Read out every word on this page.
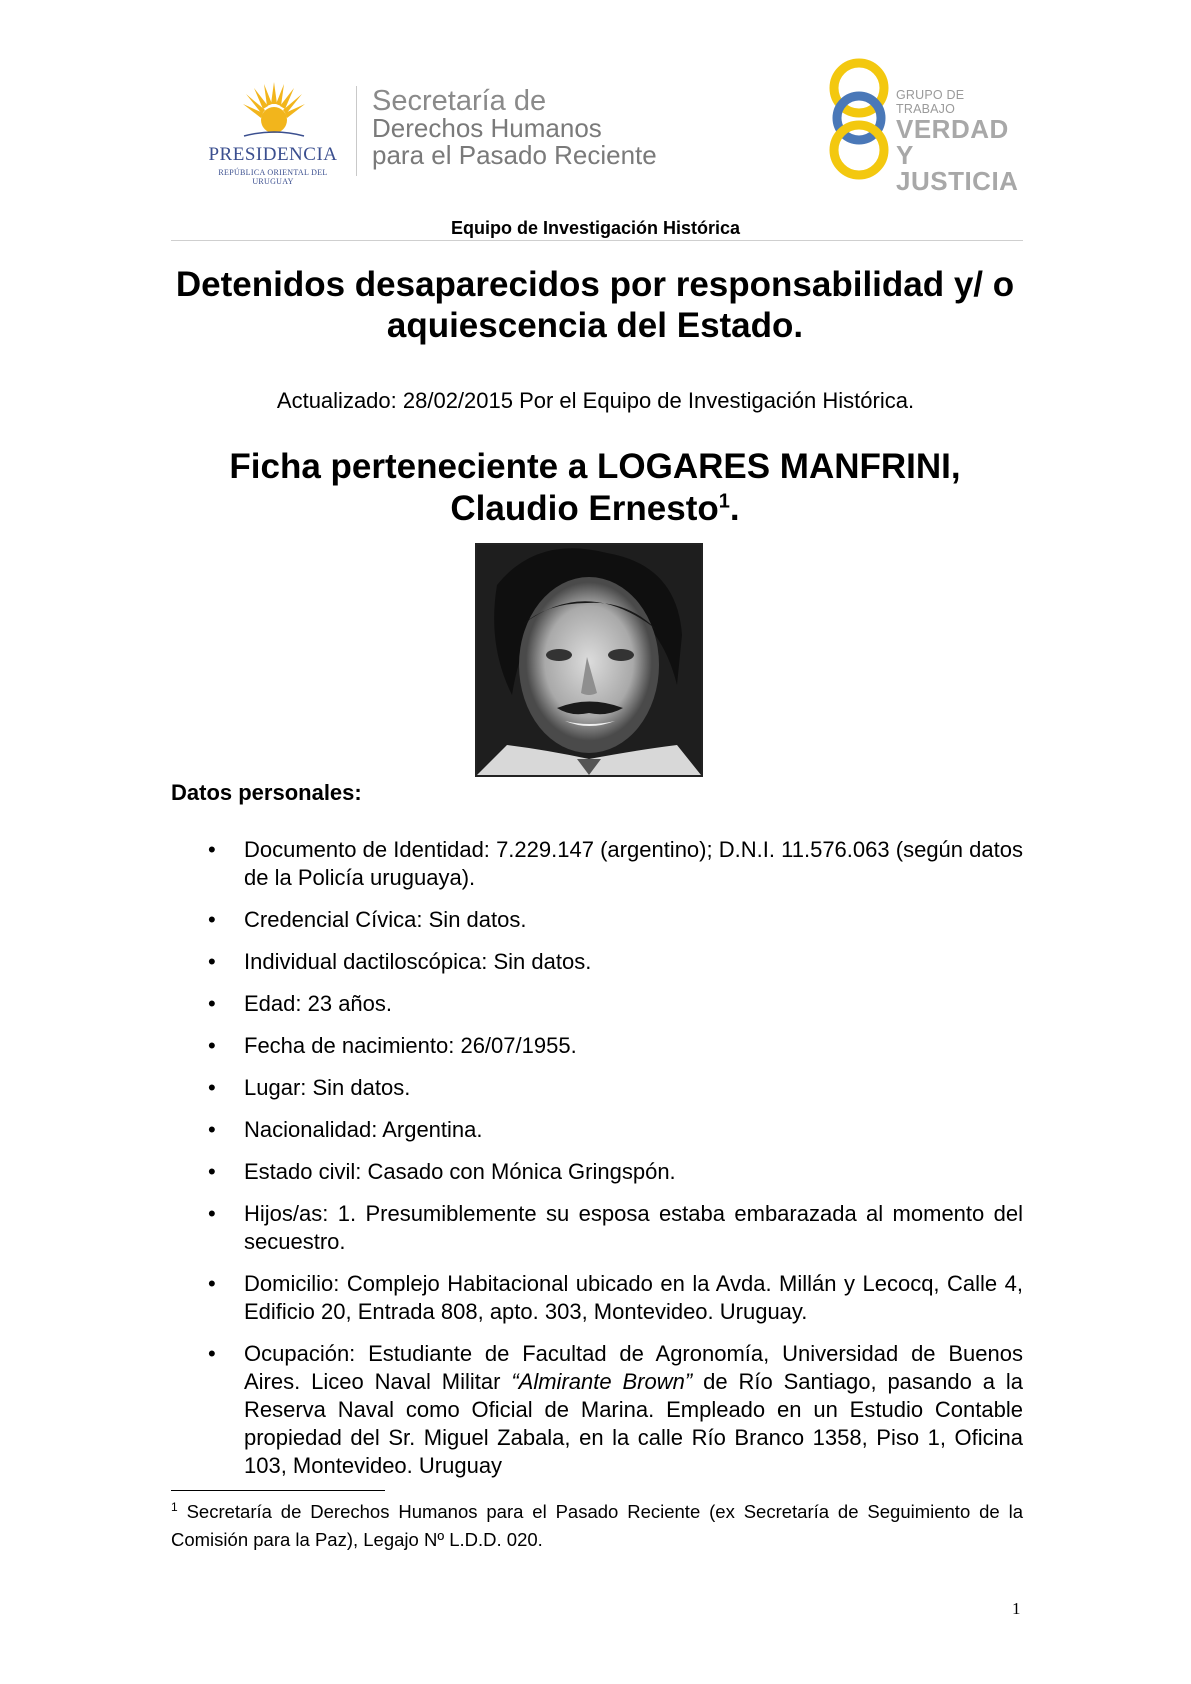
PRESIDENCIA
REPÚBLICA ORIENTAL DEL URUGUAY
Secretaría de
Derechos Humanos
para el Pasado Reciente
GRUPO DE TRABAJO
VERDAD Y
JUSTICIA
Equipo de Investigación Histórica
Detenidos desaparecidos por responsabilidad y/ o aquiescencia del Estado.
Actualizado: 28/02/2015 Por el Equipo de Investigación Histórica.
Ficha perteneciente a LOGARES MANFRINI,
Claudio Ernesto$^1$.
Datos personales:
• Documento de Identidad: 7.229.147 (argentino); D.N.I. 11.576.063 (según datos de la Policía uruguaya).
• Credencial Cívica: Sin datos.
• Individual dactiloscópica: Sin datos.
• Edad: 23 años.
• Fecha de nacimiento: 26/07/1955.
• Lugar: Sin datos.
• Nacionalidad: Argentina.
• Estado civil: Casado con Mónica Gringspón.
• Hijos/as: 1. Presumiblemente su esposa estaba embarazada al momento del secuestro.
• Domicilio: Complejo Habitacional ubicado en la Avda. Millán y Lecocq, Calle 4, Edificio 20, Entrada 808, apto. 303, Montevideo. Uruguay.
• Ocupación: Estudiante de Facultad de Agronomía, Universidad de Buenos Aires. Liceo Naval Militar “Almirante Brown” de Río Santiago, pasando a la Reserva Naval como Oficial de Marina. Empleado en un Estudio Contable propiedad del Sr. Miguel Zabala, en la calle Río Branco 1358, Piso 1, Oficina 103, Montevideo. Uruguay
$^1$ Secretaría de Derechos Humanos para el Pasado Reciente (ex Secretaría de Seguimiento de la Comisión para la Paz), Legajo Nº L.D.D. 020.
1
